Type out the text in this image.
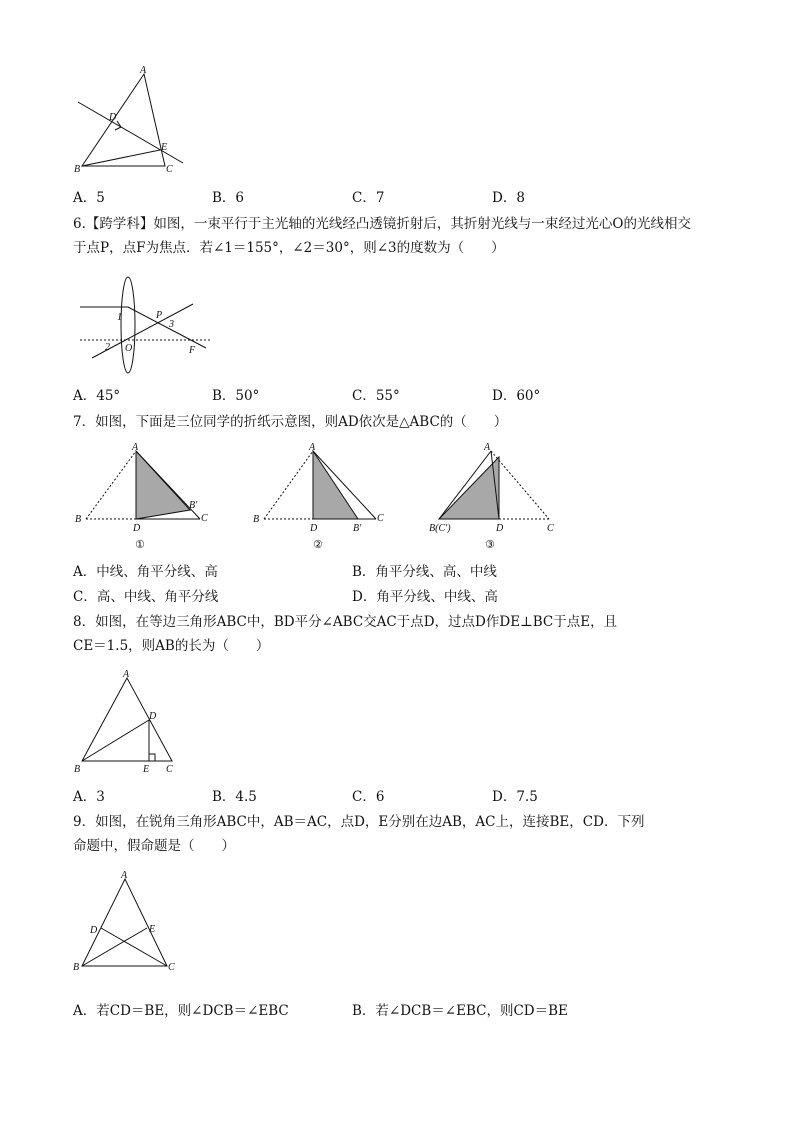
A
D
E
B	C
A．5	B．6	C．7	D．8
6.【跨学科】如图，一束平行于主光轴的光线经凸透镜折射后，其折射光线与一束经过光心O的光线相交
于点P，点F为焦点．若∠1＝155°，∠2＝30°，则∠3的度数为（　　）
1
2
3
P
O	F
A．45°	B．50°	C．55°	D．60°
7．如图，下面是三位同学的折纸示意图，则AD依次是△ABC的（　　）
A
B
D
B′
C
①
A
B
D	B′
C
②
A
B(C′)	D	C
③
A．中线、角平分线、高	B．角平分线、高、中线
C．高、中线、角平分线	D．角平分线、中线、高
8．如图，在等边三角形ABC中，BD平分∠ABC交AC于点D，过点D作DE⊥BC于点E，且
CE＝1.5，则AB的长为（　　）
A
D
B	E C
A．3	B．4.5	C．6	D．7.5
9．如图，在锐角三角形ABC中，AB＝AC，点D，E分别在边AB，AC上，连接BE，CD．下列
命题中，假命题是（　　）
A
D	E
B	C
A．若CD＝BE，则∠DCB＝∠EBC	B．若∠DCB＝∠EBC，则CD＝BE
